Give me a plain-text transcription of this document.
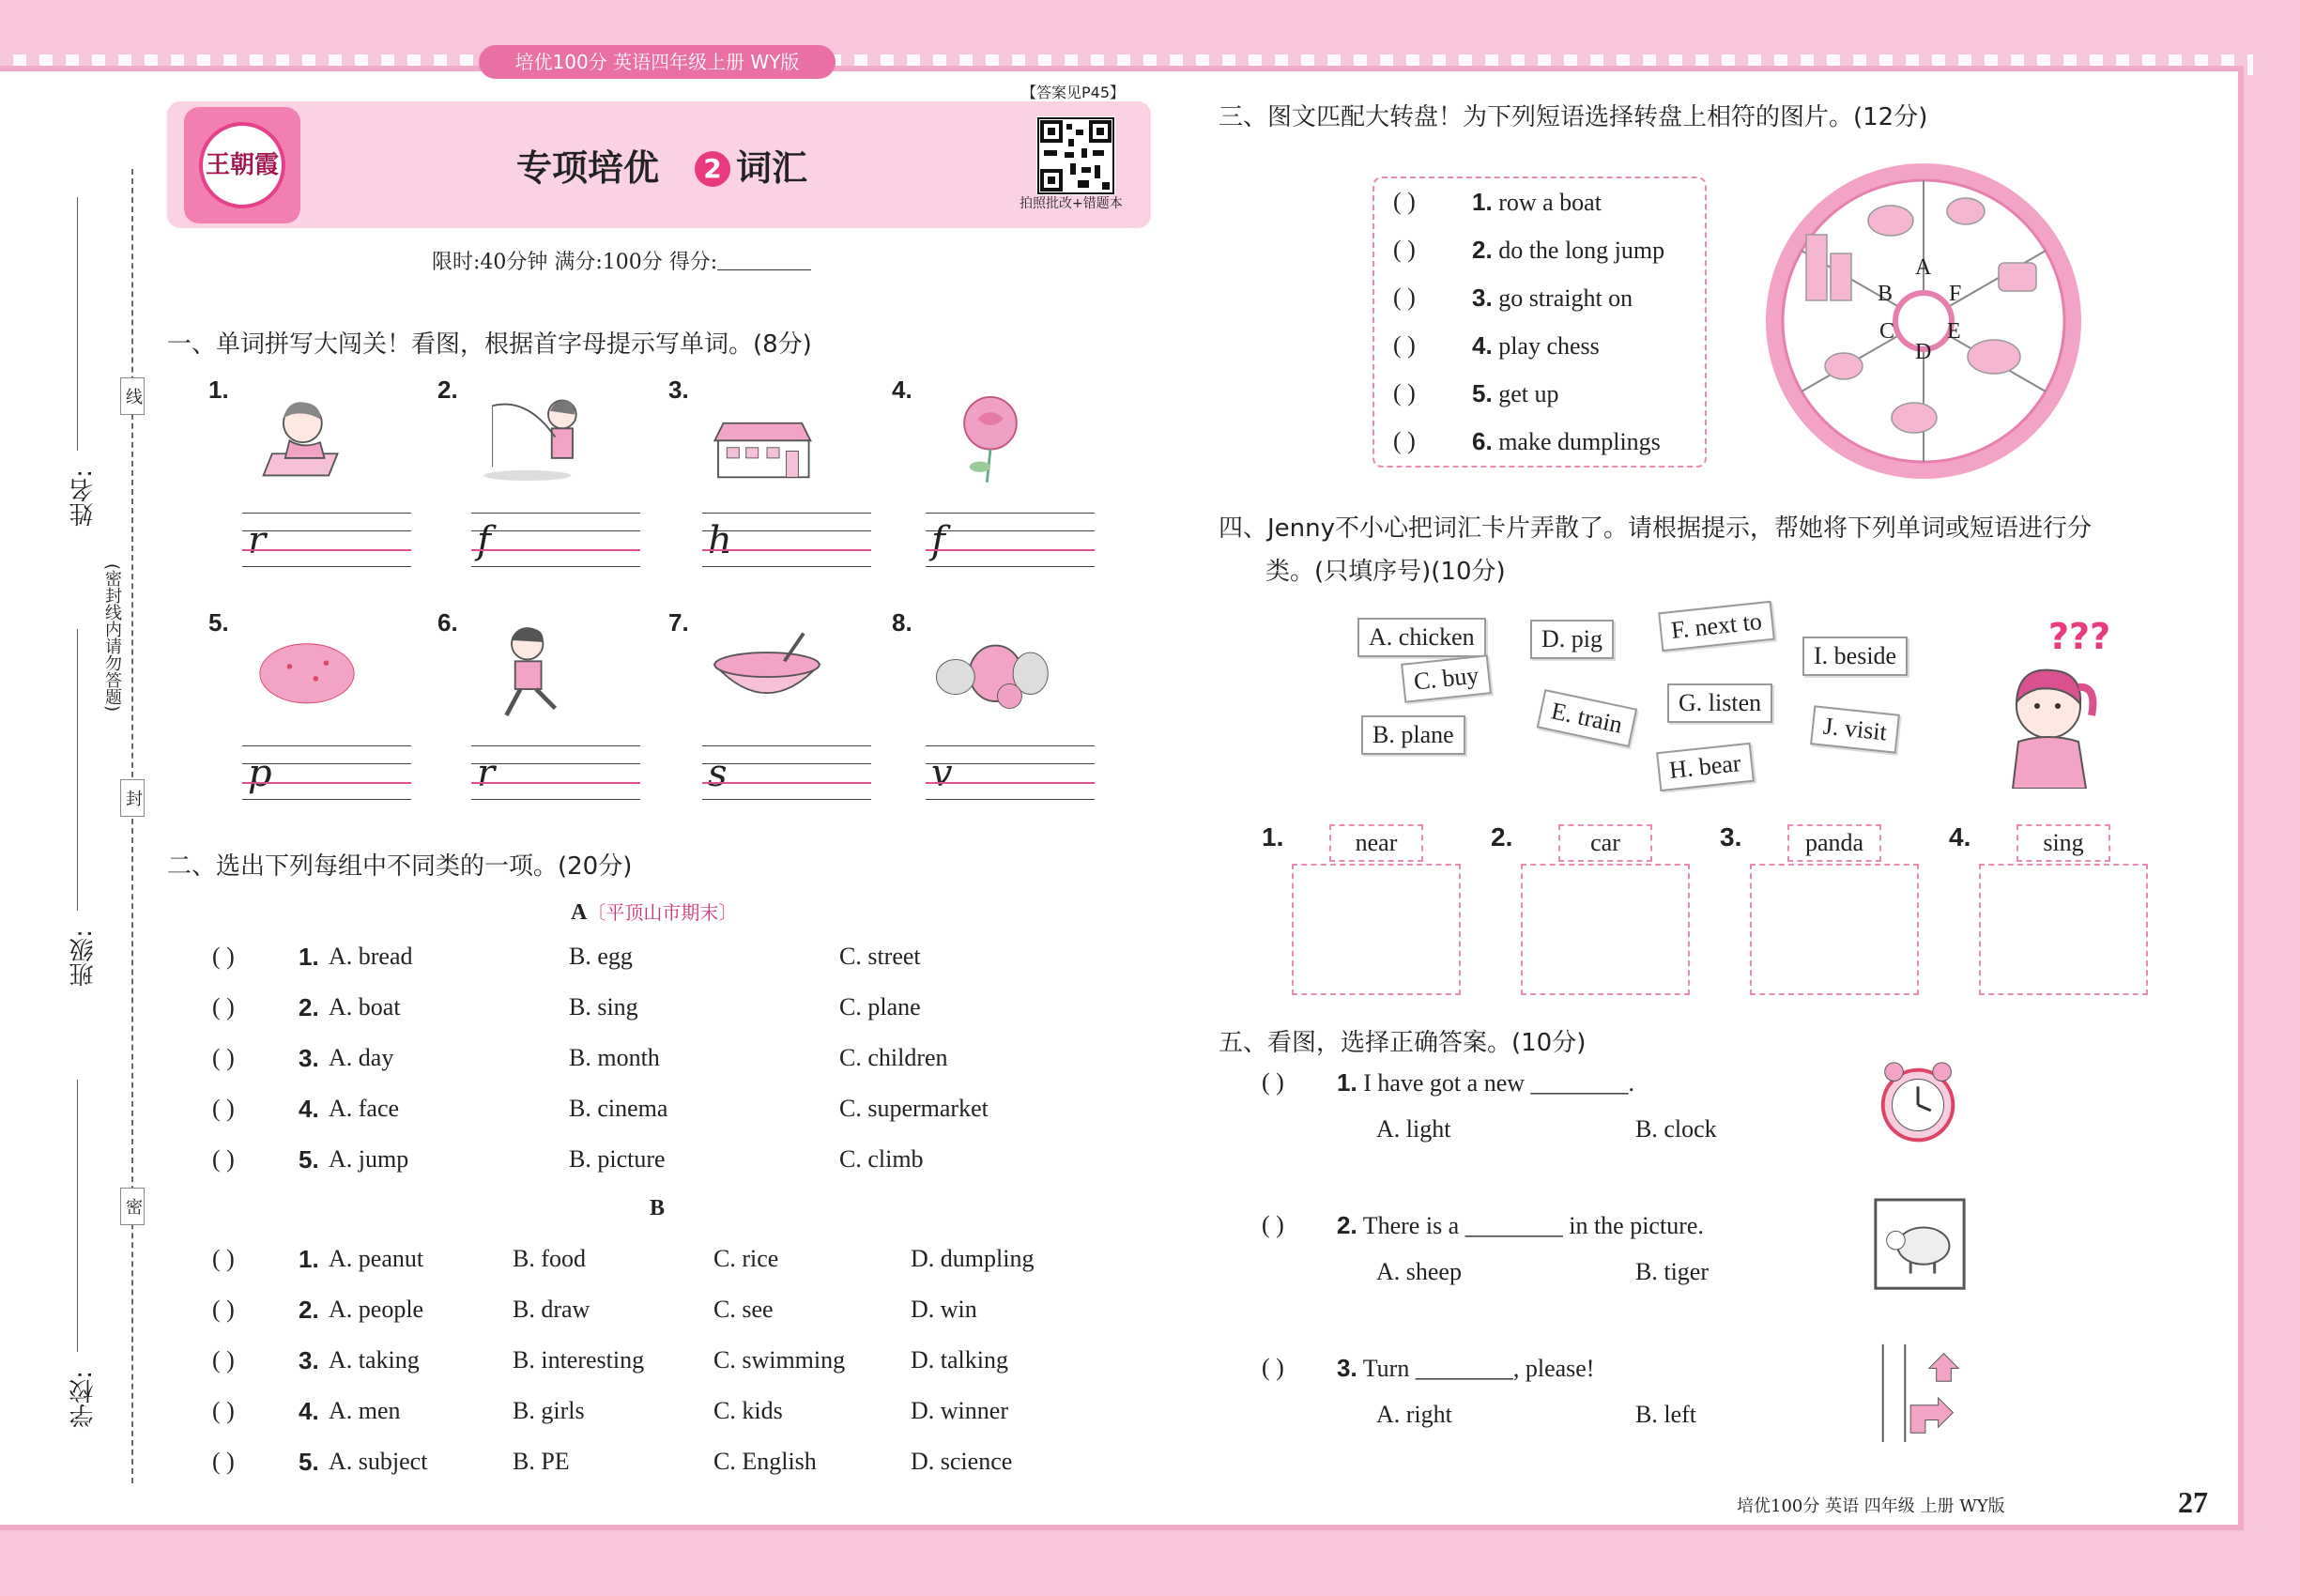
培优100分 英语四年级上册 WY版
线
封
密
姓名:
班级:
学校:
(密封线内请勿答题)
王朝霞	专项培优 2 词汇
【答案见P45】
拍照批改+错题本
限时:40分钟 满分:100分 得分:
一、单词拼写大闯关！看图，根据首字母提示写单词。(8分)
1.
r
2.
f
3.
h
4.
f
5.
p
6.
r
7.
s
8.
v
二、选出下列每组中不同类的一项。(20分)
A〔平顶山市期末〕
( )	1. A. bread	B. egg	C. street
( )	2. A. boat	B. sing	C. plane
( )	3. A. day	B. month	C. children
( )	4. A. face	B. cinema	C. supermarket
( )	5. A. jump	B. picture	C. climb
B
( )	1. A. peanut	B. food	C. rice	D. dumpling
( )	2. A. people	B. draw	C. see	D. win
( )	3. A. taking	B. interesting	C. swimming	D. talking
( )	4. A. men	B. girls	C. kids	D. winner
( )	5. A. subject	B. PE	C. English	D. science
三、图文匹配大转盘！为下列短语选择转盘上相符的图片。(12分)
( ) 1. row a boat
( ) 2. do the long jump
( ) 3. go straight on
( ) 4. play chess
( ) 5. get up
( ) 6. make dumplings
A
B
C
D
E
F
四、Jenny不小心把词汇卡片弄散了。请根据提示，帮她将下列单词或短语进行分
类。(只填序号)(10分)
A. chicken	D. pig	F. next to
I. beside
C. buy
G. listen
B. plane	E. train	J. visit
H. bear
???
1.	near	2.	car	3.	panda	4.	sing
五、看图，选择正确答案。(10分)
( ) 1. I have got a new ________.
A. light	B. clock
( ) 2. There is a ________ in the picture.
A. sheep	B. tiger
( ) 3. Turn ________, please!
A. right	B. left
培优100分 英语 四年级 上册 WY版	27
